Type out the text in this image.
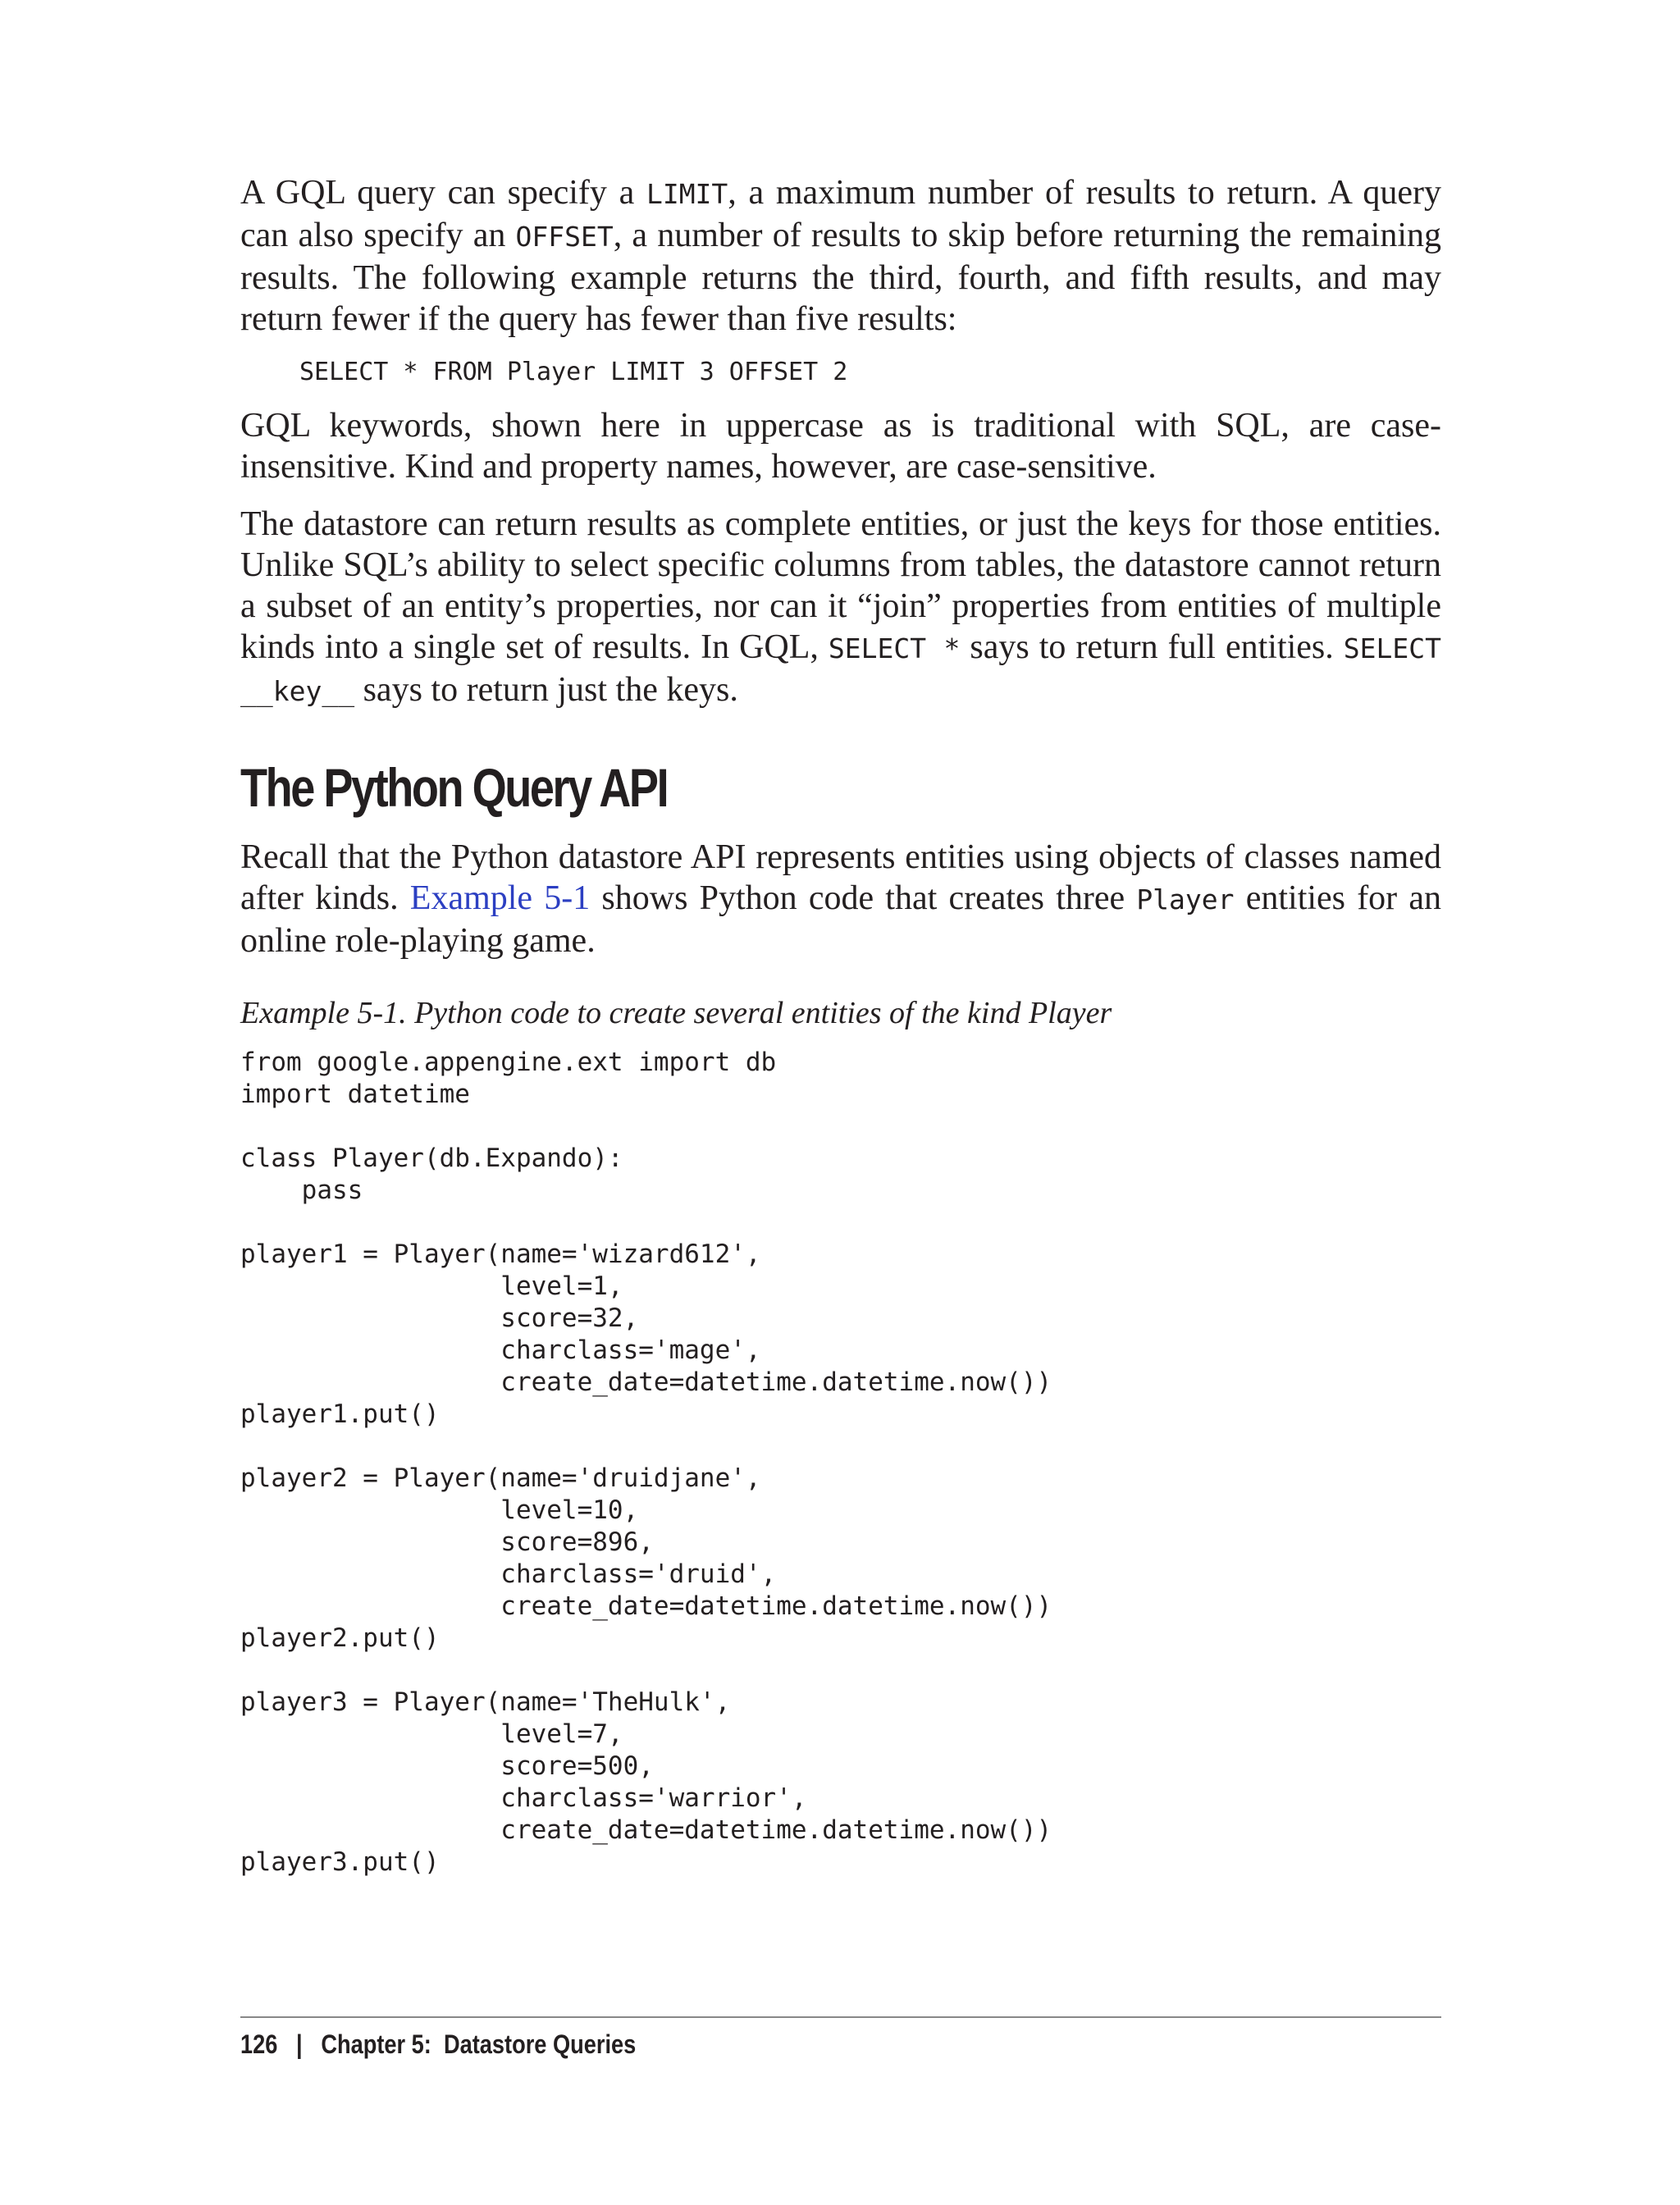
A GQL query can specify a LIMIT, a maximum number of results to return. A query can also specify an OFFSET, a number of results to skip before returning the remaining results. The following example returns the third, fourth, and fifth results, and may return fewer if the query has fewer than five results:

SELECT * FROM Player LIMIT 3 OFFSET 2

GQL keywords, shown here in uppercase as is traditional with SQL, are case-insensitive. Kind and property names, however, are case-sensitive.

The datastore can return results as complete entities, or just the keys for those entities. Unlike SQL’s ability to select specific columns from tables, the datastore cannot return a subset of an entity’s properties, nor can it “join” properties from entities of multiple kinds into a single set of results. In GQL, SELECT * says to return full entities. SELECT __key__ says to return just the keys.

The Python Query API

Recall that the Python datastore API represents entities using objects of classes named after kinds. Example 5-1 shows Python code that creates three Player entities for an online role-playing game.

Example 5-1. Python code to create several entities of the kind Player
from google.appengine.ext import db
import datetime

class Player(db.Expando):
pass

player1 = Player(name='wizard612',
level=1,
score=32,
charclass='mage',
create_date=datetime.datetime.now())
player1.put()

player2 = Player(name='druidjane',
level=10,
score=896,
charclass='druid',
create_date=datetime.datetime.now())
player2.put()

player3 = Player(name='TheHulk',
level=7,
score=500,
charclass='warrior',
create_date=datetime.datetime.now())
player3.put()
126 | Chapter 5:  Datastore Queries
